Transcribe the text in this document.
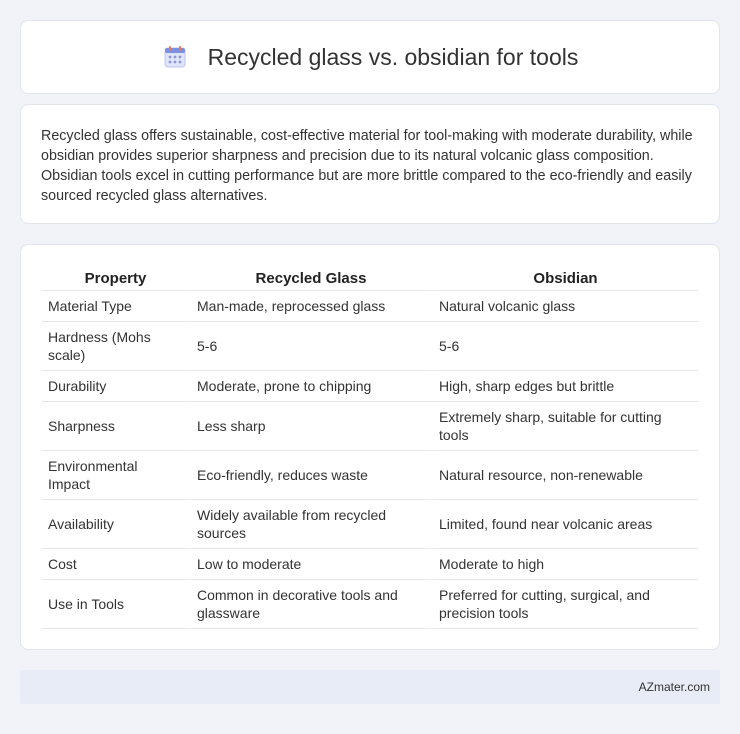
Recycled glass vs. obsidian for tools

Recycled glass offers sustainable, cost-effective material for tool-making with moderate durability, while obsidian provides superior sharpness and precision due to its natural volcanic glass composition. Obsidian tools excel in cutting performance but are more brittle compared to the eco-friendly and easily sourced recycled glass alternatives.

Property	Recycled Glass	Obsidian
Material Type	Man-made, reprocessed glass	Natural volcanic glass
Hardness (Mohs scale)	5-6	5-6
Durability	Moderate, prone to chipping	High, sharp edges but brittle
Sharpness	Less sharp	Extremely sharp, suitable for cutting tools
Environmental Impact	Eco-friendly, reduces waste	Natural resource, non-renewable
Availability	Widely available from recycled sources	Limited, found near volcanic areas
Cost	Low to moderate	Moderate to high
Use in Tools	Common in decorative tools and glassware	Preferred for cutting, surgical, and precision tools
AZmater.com
